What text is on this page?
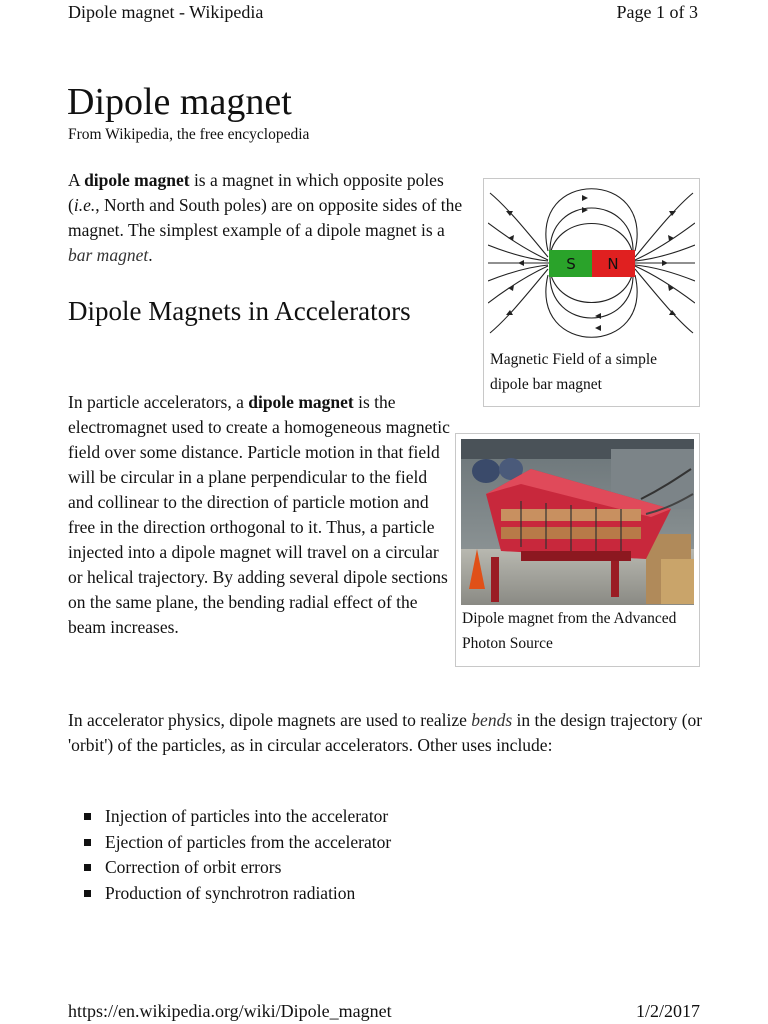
Dipole magnet - Wikipedia	Page 1 of 3
Dipole magnet
From Wikipedia, the free encyclopedia

A dipole magnet is a magnet in which opposite poles (i.e., North and South poles) are on opposite sides of the magnet. The simplest example of a dipole magnet is a bar magnet.

Dipole Magnets in Accelerators

In particle accelerators, a dipole magnet is the electromagnet used to create a homogeneous magnetic field over some distance. Particle motion in that field will be circular in a plane perpendicular to the field and collinear to the direction of particle motion and free in the direction orthogonal to it. Thus, a particle injected into a dipole magnet will travel on a circular or helical trajectory. By adding several dipole sections on the same plane, the bending radial effect of the beam increases.

In accelerator physics, dipole magnets are used to realize bends in the design trajectory (or 'orbit') of the particles, as in circular accelerators. Other uses include:

Injection of particles into the accelerator
Ejection of particles from the accelerator
Correction of orbit errors
Production of synchrotron radiation
S N
Magnetic Field of a simple dipole bar magnet
Dipole magnet from the Advanced Photon Source
https://en.wikipedia.org/wiki/Dipole_magnet	1/2/2017
